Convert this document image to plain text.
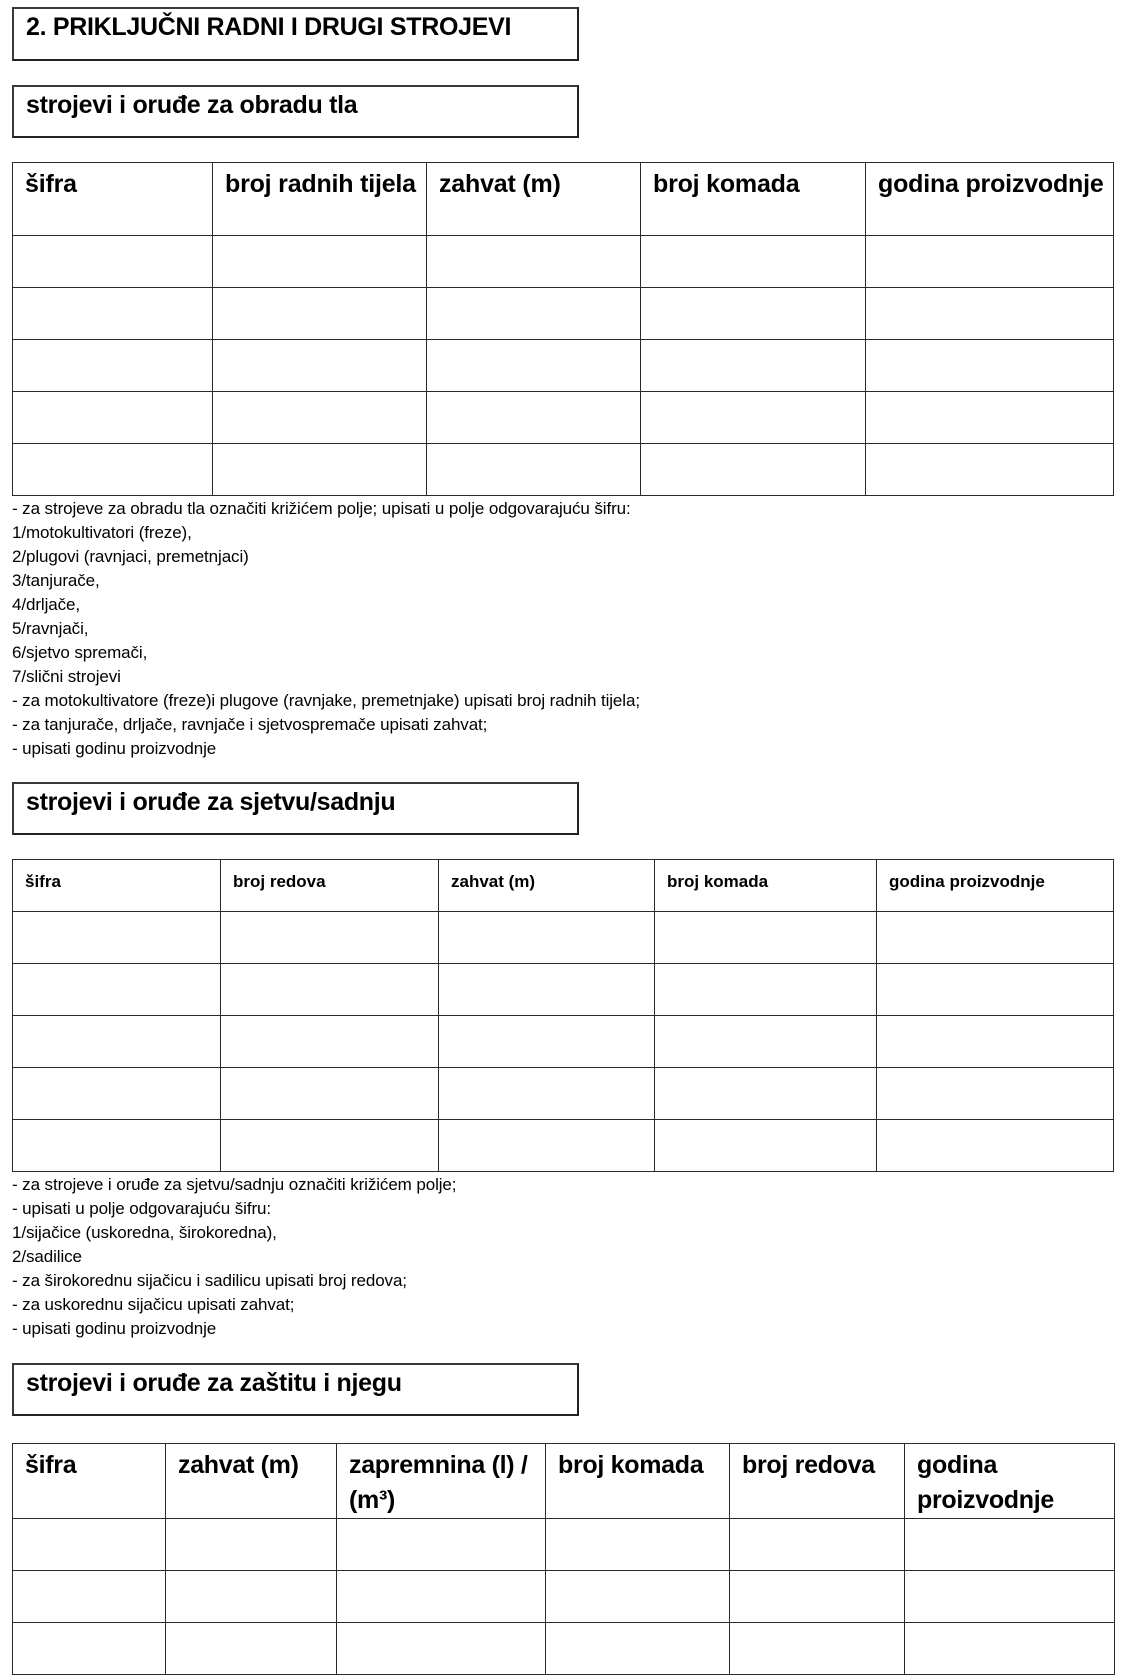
2. PRIKLJUČNI RADNI I DRUGI STROJEVI
strojevi i oruđe za obradu tla
šifra	broj radnih tijela	zahvat (m)	broj komada	godina proizvodnje

- za strojeve za obradu tla označiti križićem polje; upisati u polje odgovarajuću šifru:
1/motokultivatori (freze),
2/plugovi (ravnjaci, premetnjaci)
3/tanjurače,
4/drljače,
5/ravnjači,
6/sjetvo spremači,
7/slični strojevi
- za motokultivatore (freze)i plugove (ravnjake, premetnjake) upisati broj radnih tijela;
- za tanjurače, drljače, ravnjače i sjetvospremače upisati zahvat;
- upisati godinu proizvodnje
strojevi i oruđe za sjetvu/sadnju
šifra	broj redova	zahvat (m)	broj komada	godina proizvodnje

- za strojeve i oruđe za sjetvu/sadnju označiti križićem polje;
- upisati u polje odgovarajuću šifru:
1/sijačice (uskoredna, širokoredna),
2/sadilice
- za širokorednu sijačicu i sadilicu upisati broj redova;
- za uskorednu sijačicu upisati zahvat;
- upisati godinu proizvodnje
strojevi i oruđe za zaštitu i njegu
šifra	zahvat (m)	zapremnina (l) / (m³)	broj komada	broj redova	godina proizvodnje
